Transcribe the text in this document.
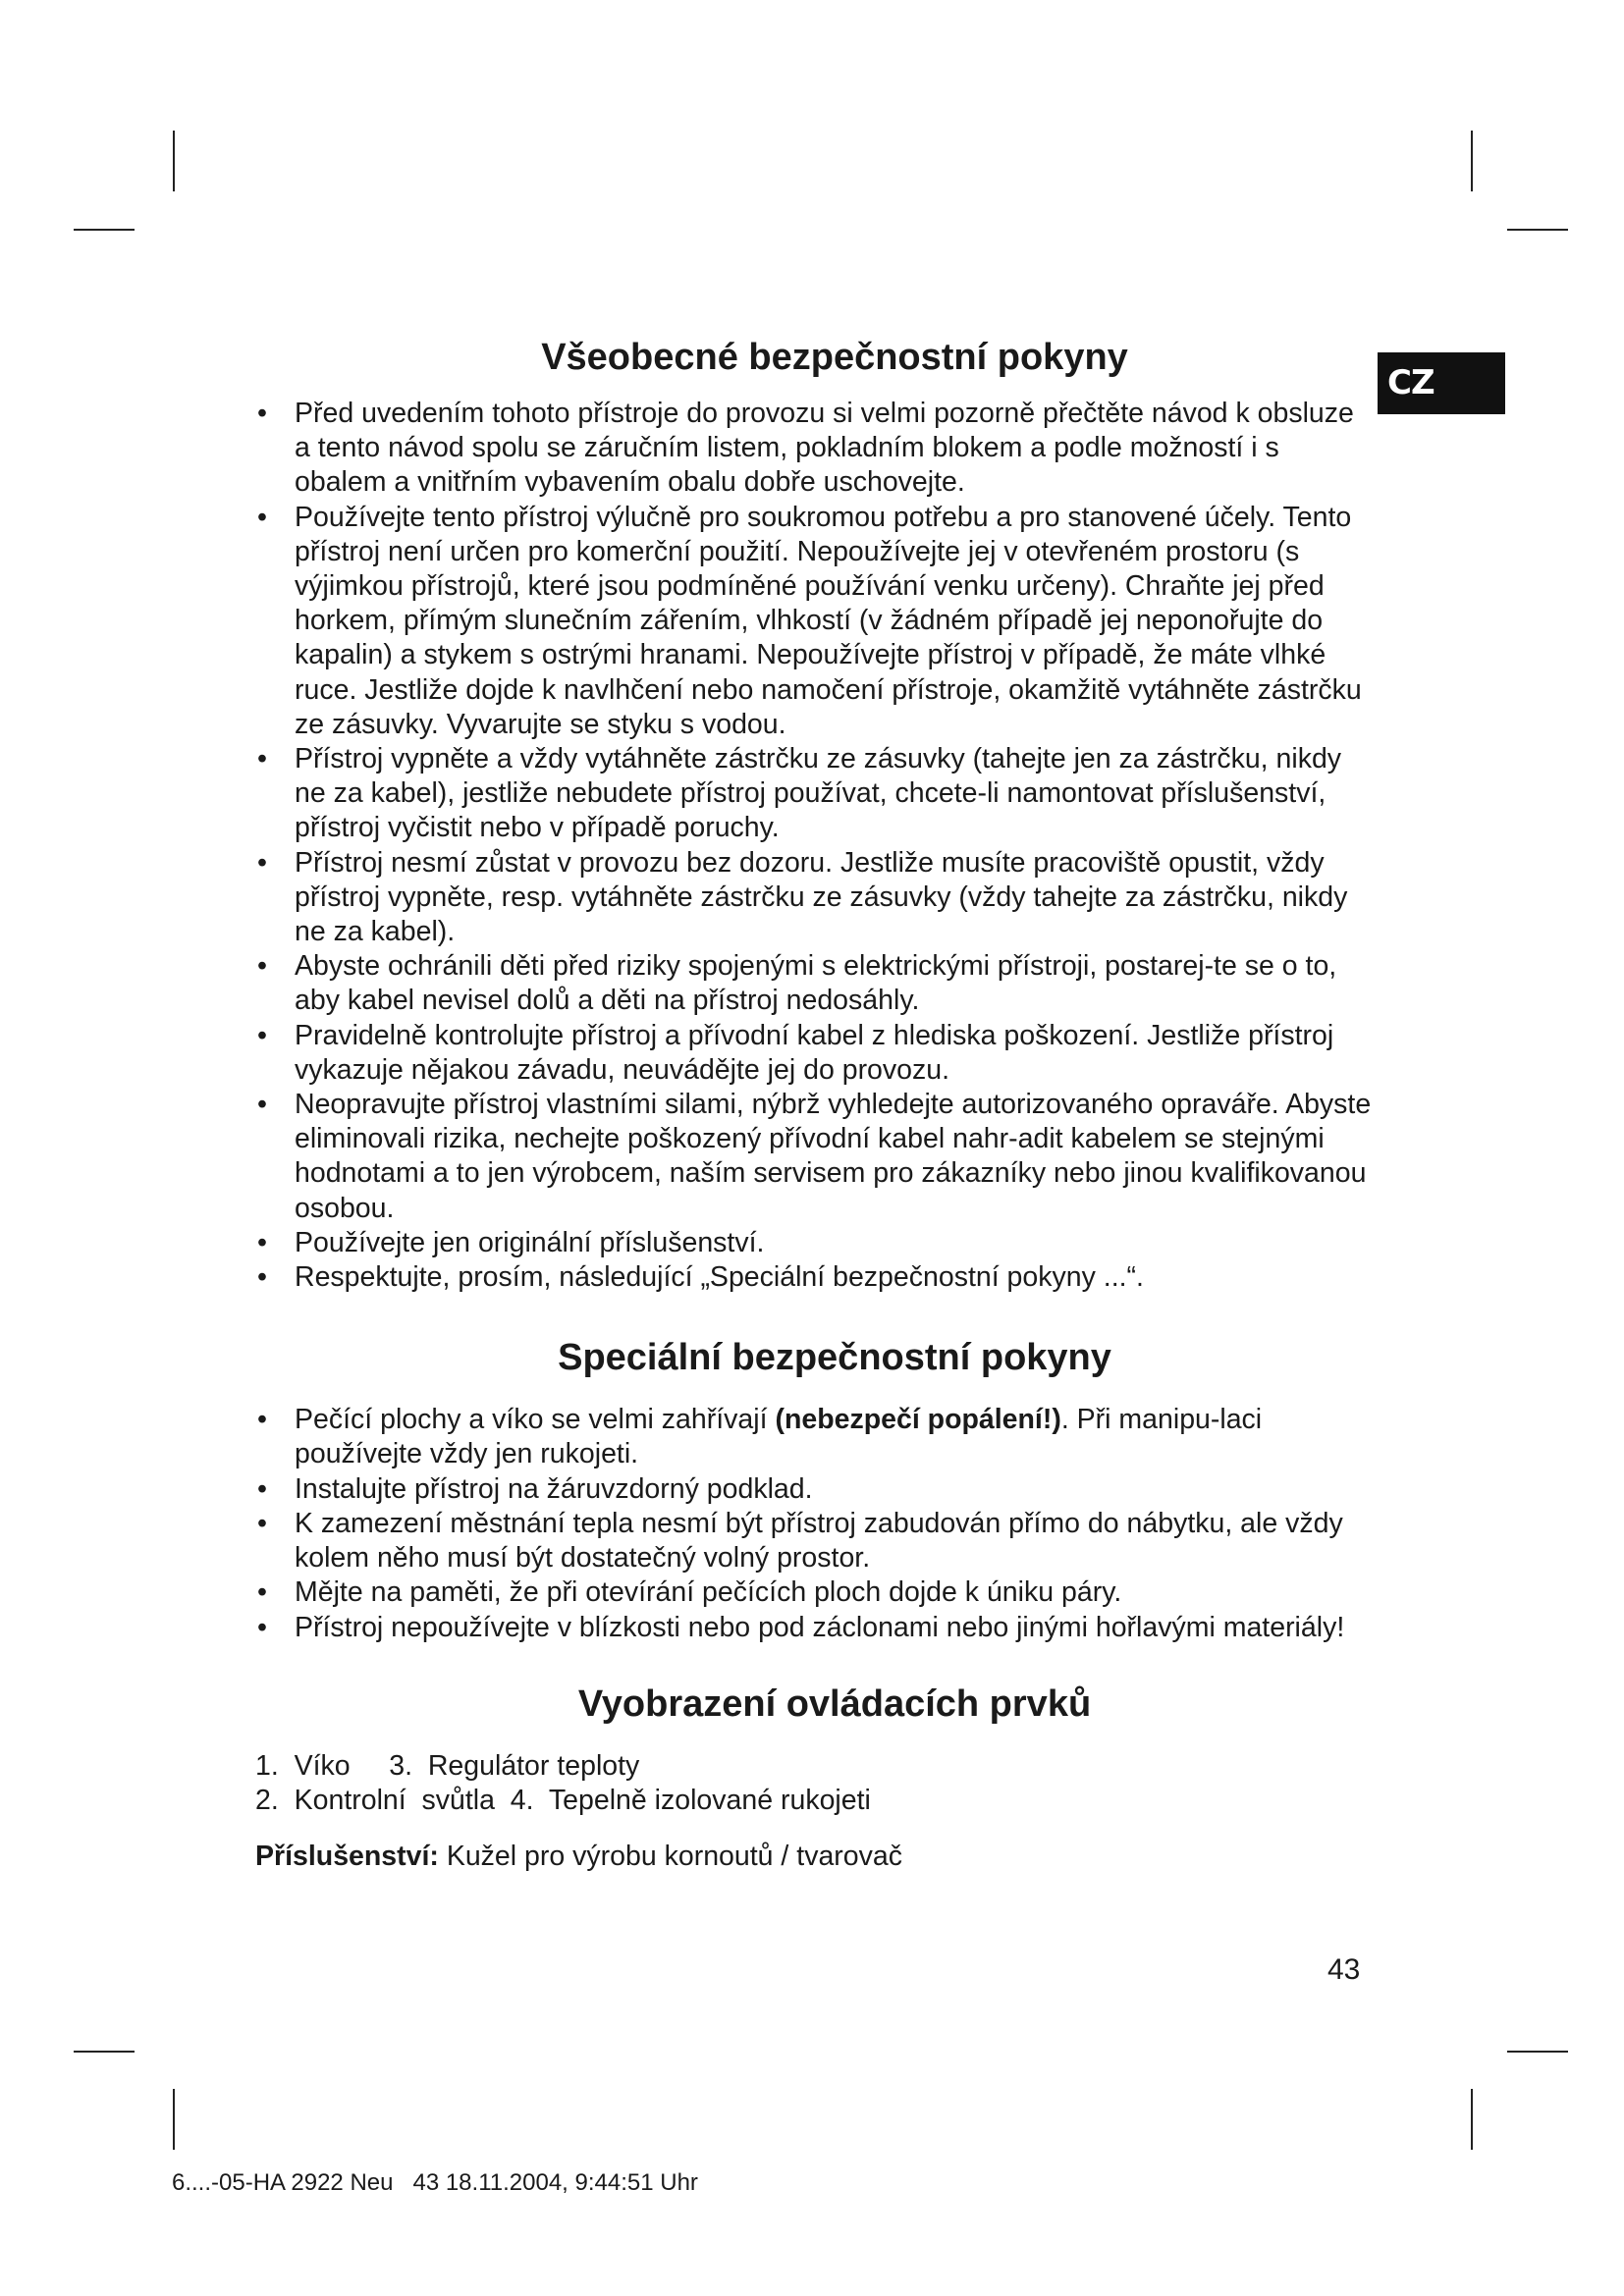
CZ
Všeobecné bezpečnostní pokyny
• Před uvedením tohoto přístroje do provozu si velmi pozorně přečtěte návod k obsluze a tento návod spolu se záručním listem, pokladním blokem a podle možností i s obalem a vnitřním vybavením obalu dobře uschovejte.
• Používejte tento přístroj výlučně pro soukromou potřebu a pro stanovené účely. Tento přístroj není určen pro komerční použití. Nepoužívejte jej v otevřeném prostoru (s výjimkou přístrojů, které jsou podmíněné používání venku určeny). Chraňte jej před horkem, přímým slunečním zářením, vlhkostí (v žádném případě jej neponořujte do kapalin) a stykem s ostrými hranami. Nepoužívejte přístroj v případě, že máte vlhké ruce. Jestliže dojde k navlhčení nebo namočení přístroje, okamžitě vytáhněte zástrčku ze zásuvky. Vyvarujte se styku s vodou.
• Přístroj vypněte a vždy vytáhněte zástrčku ze zásuvky (tahejte jen za zástrčku, nikdy ne za kabel), jestliže nebudete přístroj používat, chcete-li namontovat příslušenství, přístroj vyčistit nebo v případě poruchy.
• Přístroj nesmí zůstat v provozu bez dozoru. Jestliže musíte pracoviště opustit, vždy přístroj vypněte, resp. vytáhněte zástrčku ze zásuvky (vždy tahejte za zástrčku, nikdy ne za kabel).
• Abyste ochránili děti před riziky spojenými s elektrickými přístroji, postarej-te se o to, aby kabel nevisel dolů a děti na přístroj nedosáhly.
• Pravidelně kontrolujte přístroj a přívodní kabel z hlediska poškození. Jestliže přístroj vykazuje nějakou závadu, neuvádějte jej do provozu.
• Neopravujte přístroj vlastními silami, nýbrž vyhledejte autorizovaného opraváře. Abyste eliminovali rizika, nechejte poškozený přívodní kabel nahr-adit kabelem se stejnými hodnotami a to jen výrobcem, naším servisem pro zákazníky nebo jinou kvalifikovanou osobou.
• Používejte jen originální příslušenství.
• Respektujte, prosím, následující „Speciální bezpečnostní pokyny ...“.
Speciální bezpečnostní pokyny
• Pečící plochy a víko se velmi zahřívají (nebezpečí popálení!). Při manipu-laci používejte vždy jen rukojeti.
• Instalujte přístroj na žáruvzdorný podklad.
• K zamezení městnání tepla nesmí být přístroj zabudován přímo do nábytku, ale vždy kolem něho musí být dostatečný volný prostor.
• Mějte na paměti, že při otevírání pečících ploch dojde k úniku páry.
• Přístroj nepoužívejte v blízkosti nebo pod záclonami nebo jinými hořlavými materiály!
Vyobrazení ovládacích prvků
1.  Víko     3.  Regulátor teploty
2.  Kontrolní  svůtla  4.  Tepelně izolované rukojeti
Příslušenství: Kužel pro výrobu kornoutů / tvarovač
43
6....-05-HA 2922 Neu   43 18.11.2004, 9:44:51 Uhr
